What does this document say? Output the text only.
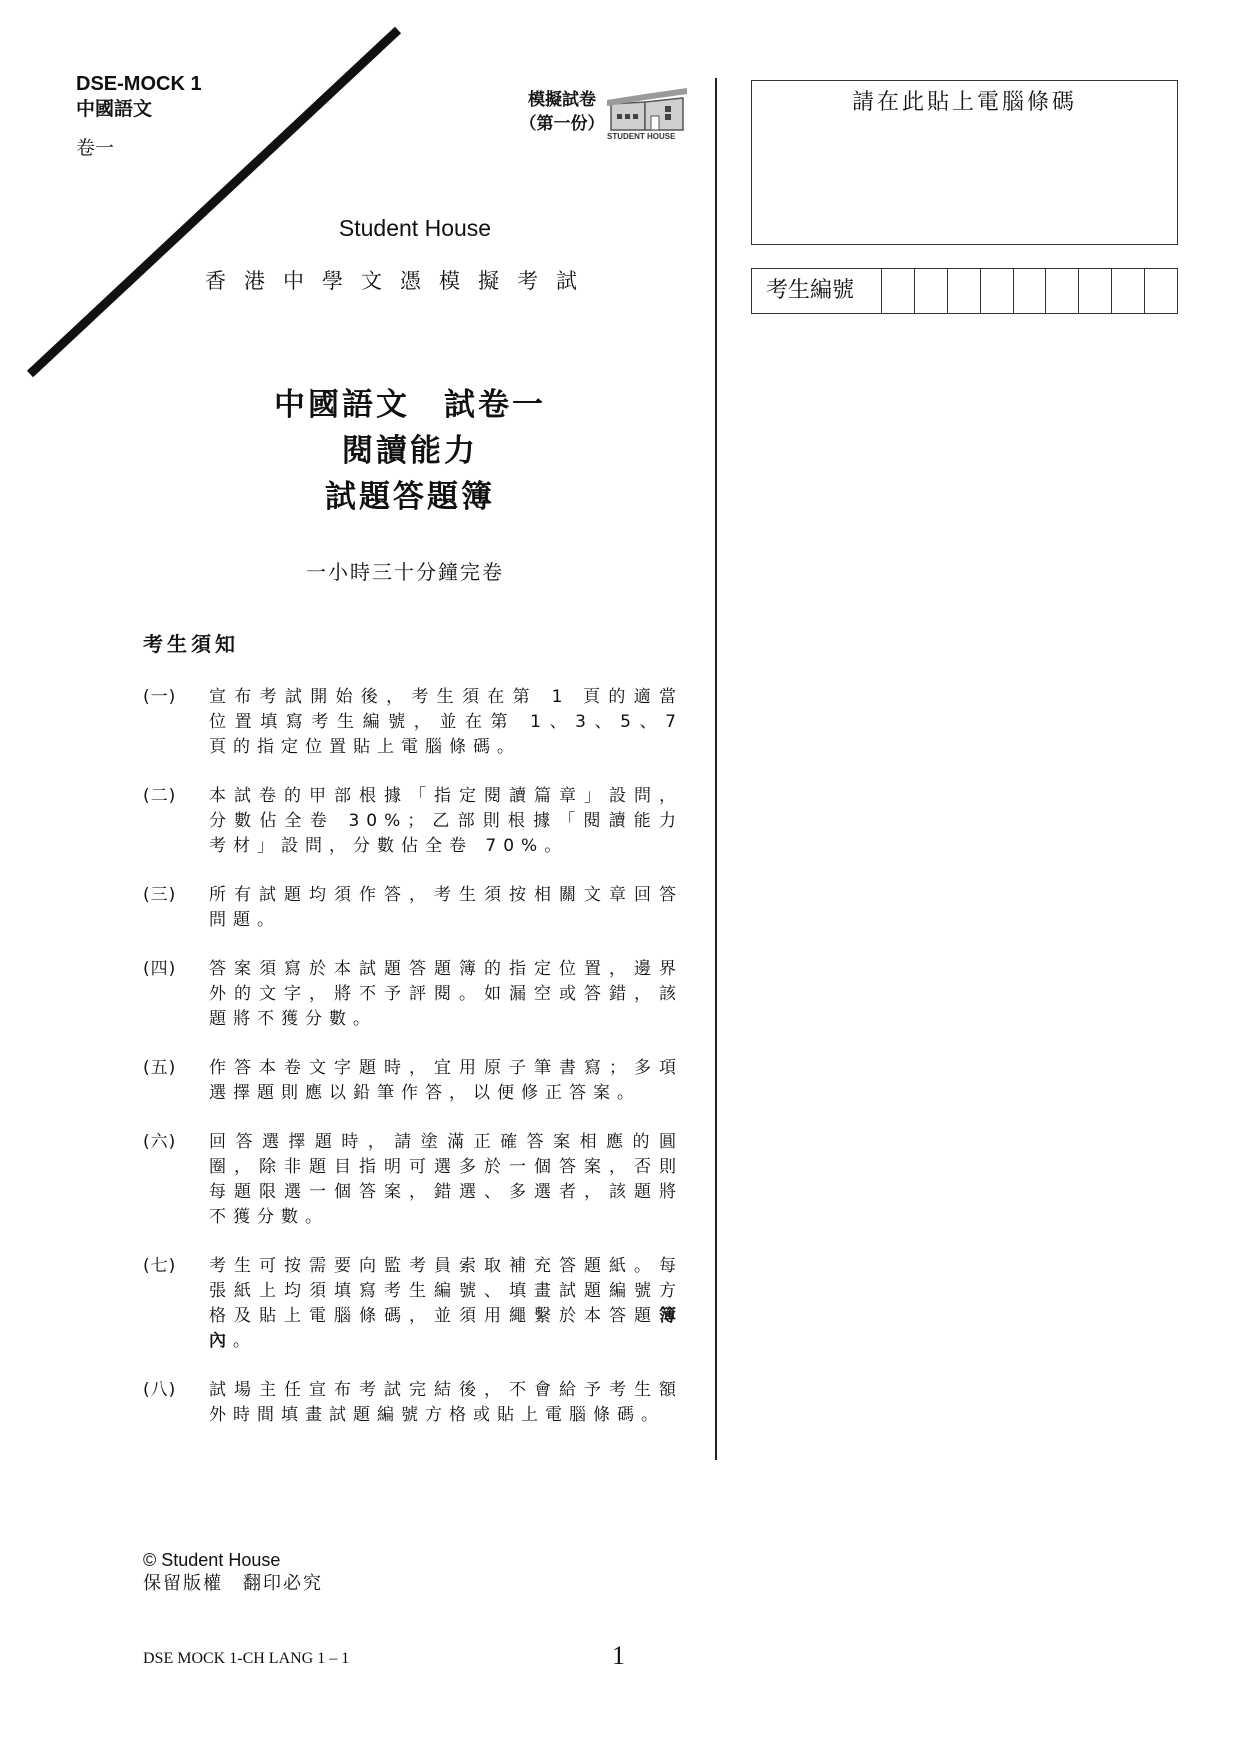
DSE-MOCK 1
中國語文
卷一
模擬試卷
（第一份）
STUDENT HOUSE
Student House
香港中學文憑模擬考試
中國語文　試卷一
閱讀能力
試題答題簿
一小時三十分鐘完卷
考生須知
(一)	宣布考試開始後，考生須在第 1 頁的適當位置填寫考生編號，並在第 1、3、5、7 頁的指定位置貼上電腦條碼。
(二)	本試卷的甲部根據「指定閱讀篇章」設問，分數佔全卷 30%；乙部則根據「閱讀能力考材」設問，分數佔全卷 70%。
(三)	所有試題均須作答，考生須按相關文章回答問題。
(四)	答案須寫於本試題答題簿的指定位置，邊界外的文字，將不予評閱。如漏空或答錯，該題將不獲分數。
(五)	作答本卷文字題時，宜用原子筆書寫；多項選擇題則應以鉛筆作答，以便修正答案。
(六)	回答選擇題時，請塗滿正確答案相應的圓圈，除非題目指明可選多於一個答案，否則每題限選一個答案，錯選、多選者，該題將不獲分數。
(七)	考生可按需要向監考員索取補充答題紙。每張紙上均須填寫考生編號、填畫試題編號方格及貼上電腦條碼，並須用繩繫於本答題簿內。
(八)	試場主任宣布考試完結後，不會給予考生額外時間填畫試題編號方格或貼上電腦條碼。
請在此貼上電腦條碼
考生編號
© Student House
保留版權　翻印必究
DSE MOCK 1-CH LANG 1 – 1	1
